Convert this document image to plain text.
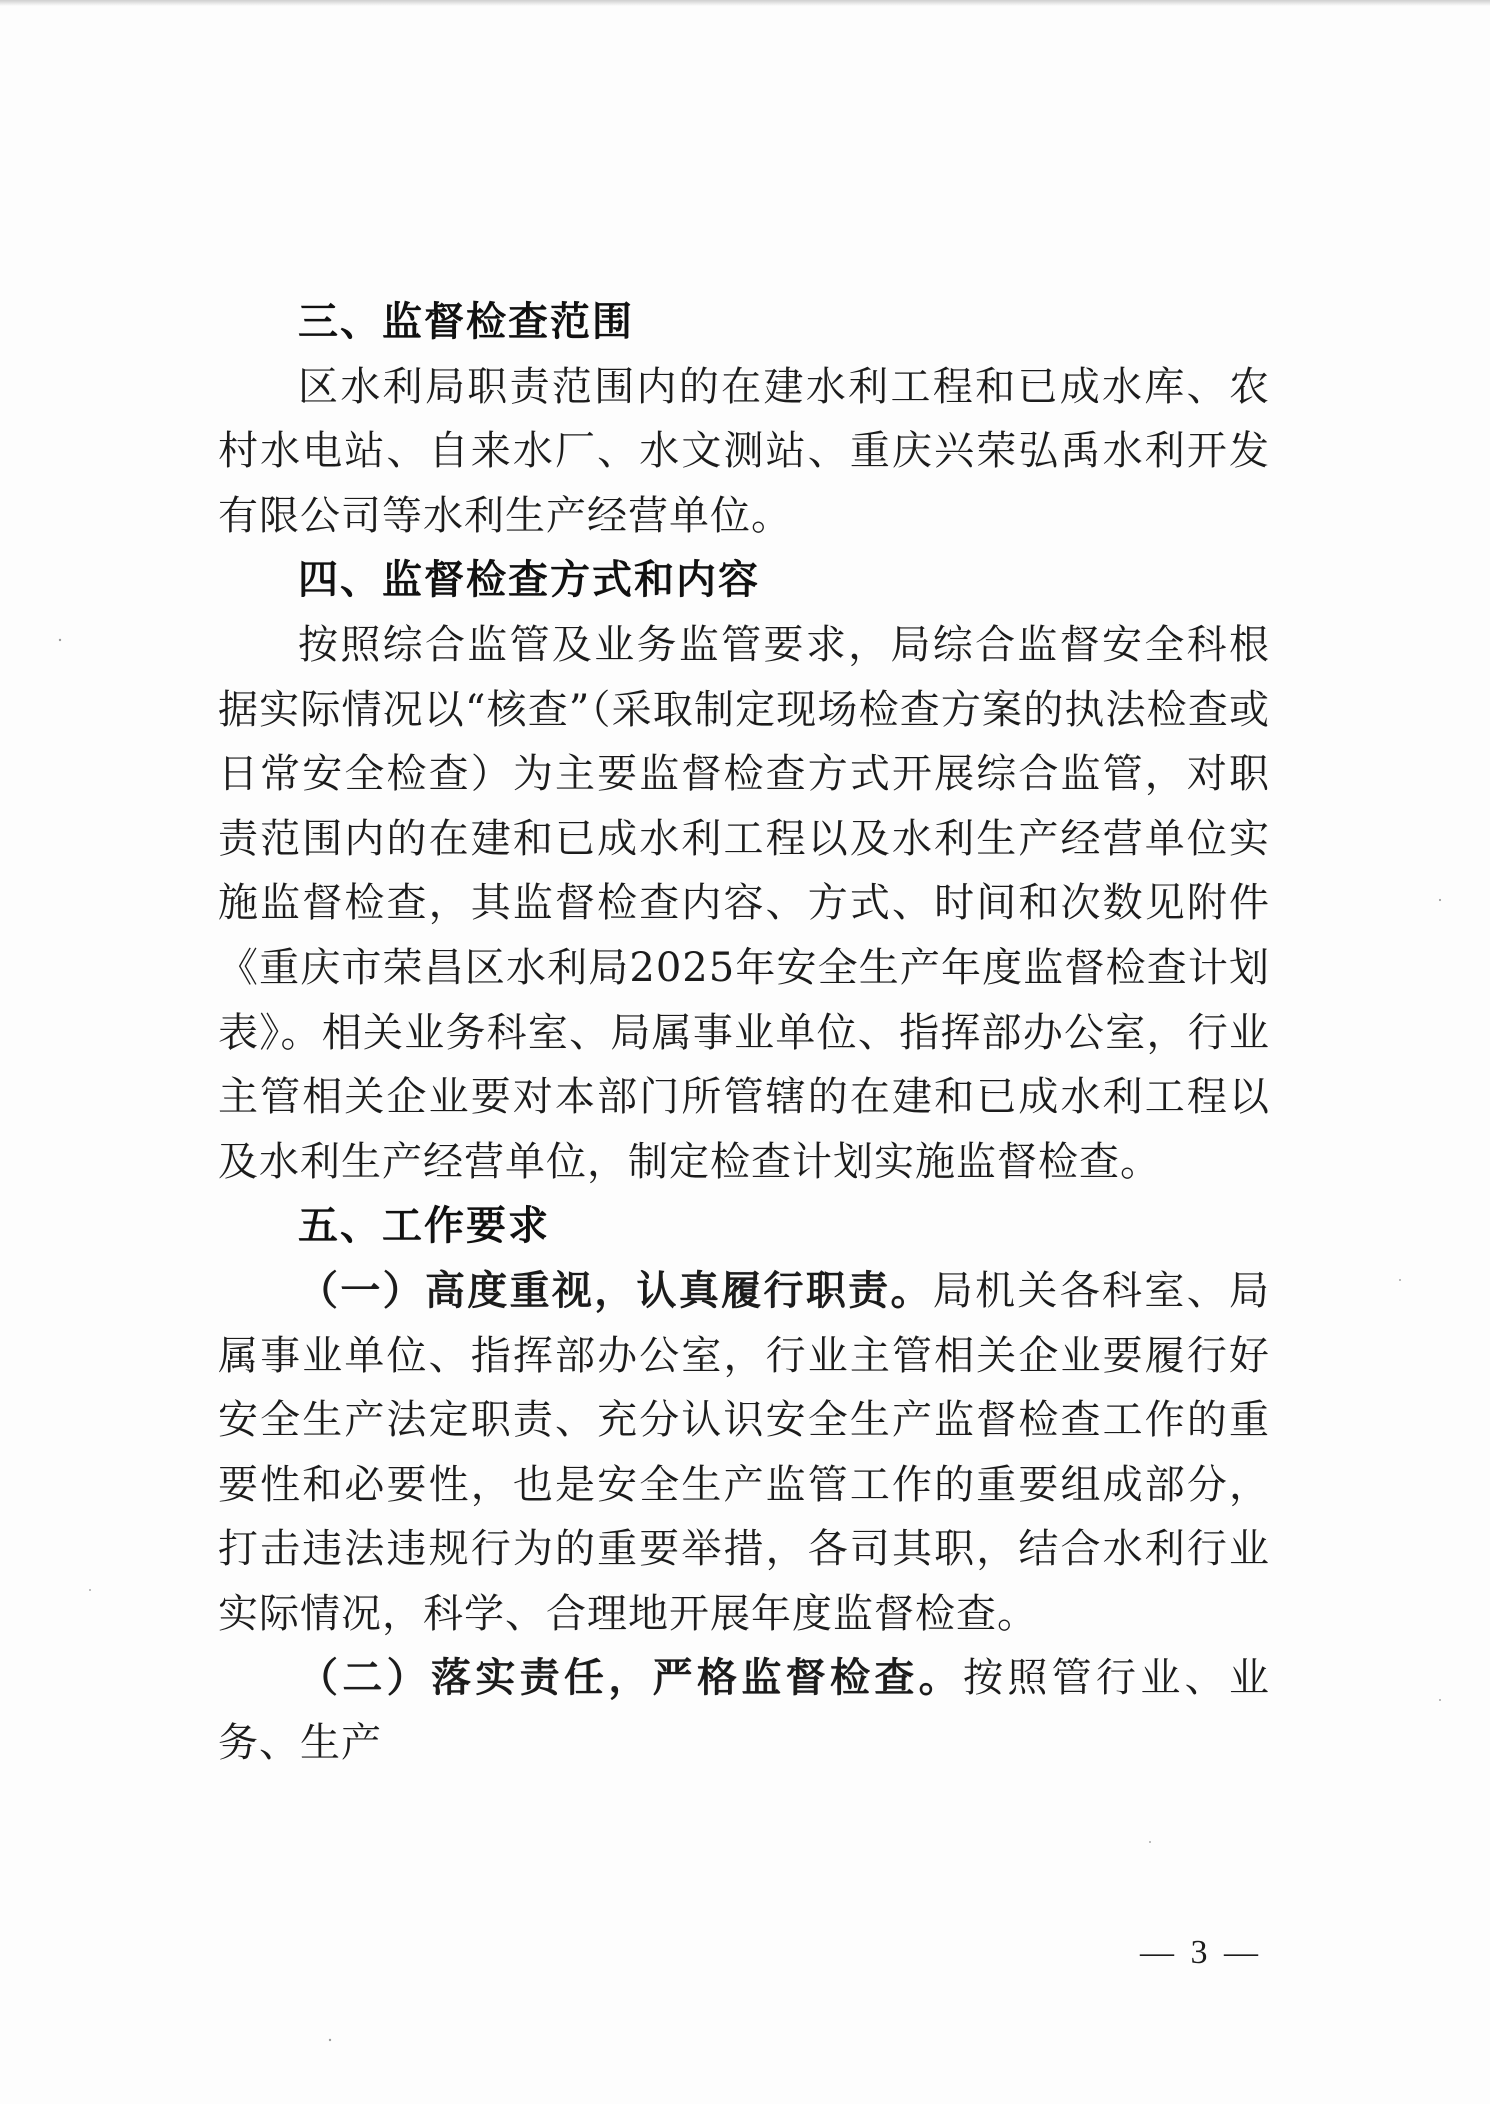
三、监督检查范围

区水利局职责范围内的在建水利工程和已成水库、农村水电站、自来水厂、水文测站、重庆兴荣弘禹水利开发有限公司等水利生产经营单位。

四、监督检查方式和内容

按照综合监管及业务监管要求，局综合监督安全科根据实际情况以“核查”（采取制定现场检查方案的执法检查或日常安全检查）为主要监督检查方式开展综合监管，对职责范围内的在建和已成水利工程以及水利生产经营单位实施监督检查，其监督检查内容、方式、时间和次数见附件《重庆市荣昌区水利局2025年安全生产年度监督检查计划表》。相关业务科室、局属事业单位、指挥部办公室，行业主管相关企业要对本部门所管辖的在建和已成水利工程以及水利生产经营单位，制定检查计划实施监督检查。

五、工作要求

（一）高度重视，认真履行职责。局机关各科室、局属事业单位、指挥部办公室，行业主管相关企业要履行好安全生产法定职责、充分认识安全生产监督检查工作的重要性和必要性，也是安全生产监管工作的重要组成部分，打击违法违规行为的重要举措，各司其职，结合水利行业实际情况，科学、合理地开展年度监督检查。

（二）落实责任，严格监督检查。按照管行业、业务、生产

— 3 —
